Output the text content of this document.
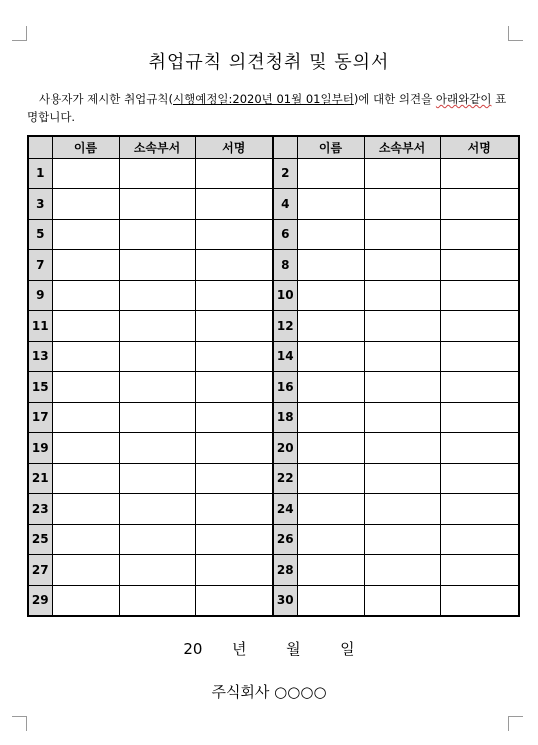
취업규칙 의견청취 및 동의서
사용자가 제시한 취업규칙(시행예정일:2020년 01월 01일부터)에 대한 의견을 아래와같이 표명합니다.
	이름	소속부서	서명		이름	소속부서	서명
1				2			
3				4			
5				6			
7				8			
9				10			
11				12			
13				14			
15				16			
17				18			
19				20			
21				22			
23				24			
25				26			
27				28			
29				30			
20 년	월	일
주식회사 ○○○○
